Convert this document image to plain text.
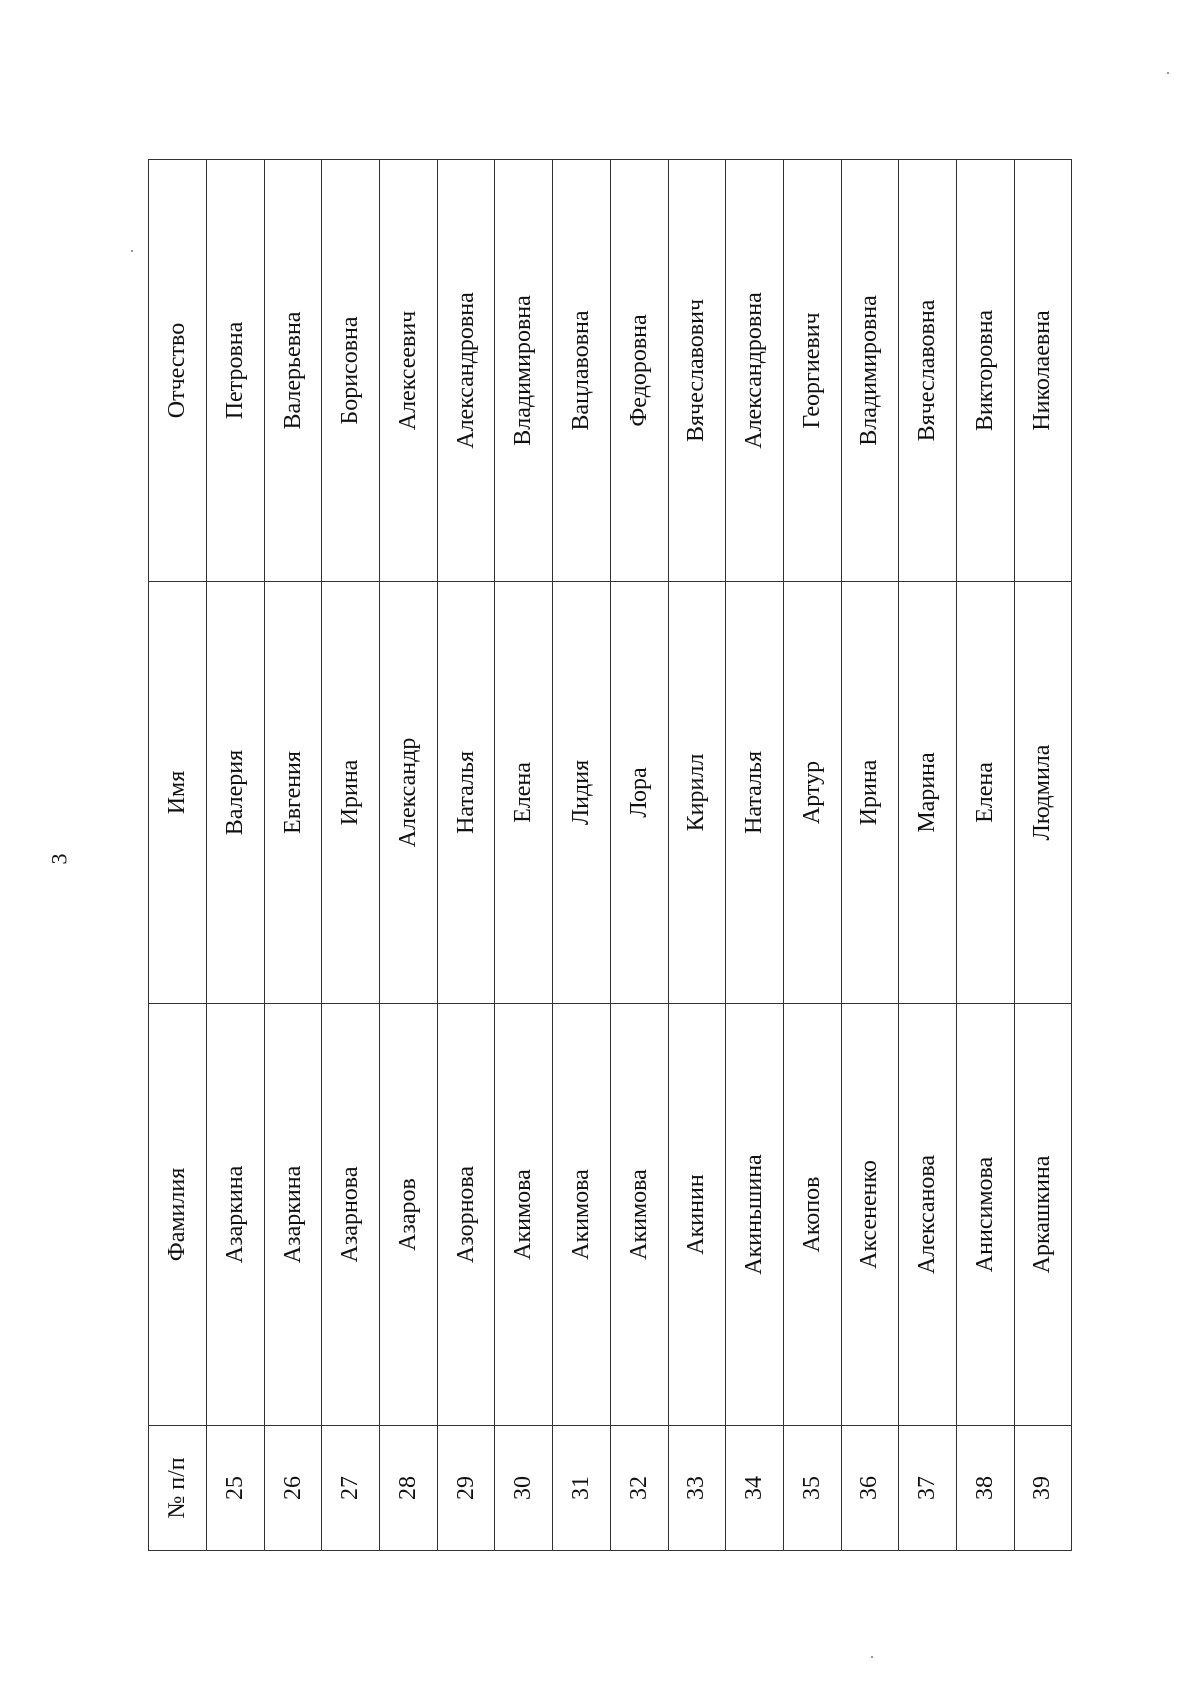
3
№ п/п	Фамилия	Имя	Отчество
25	Азаркина	Валерия	Петровна
26	Азаркина	Евгения	Валерьевна
27	Азарнова	Ирина	Борисовна
28	Азаров	Александр	Алексеевич
29	Азорнова	Наталья	Александровна
30	Акимова	Елена	Владимировна
31	Акимова	Лидия	Вацлавовна
32	Акимова	Лора	Федоровна
33	Акинин	Кирилл	Вячеславович
34	Акиньшина	Наталья	Александровна
35	Акопов	Артур	Георгиевич
36	Аксененко	Ирина	Владимировна
37	Алексанова	Марина	Вячеславовна
38	Анисимова	Елена	Викторовна
39	Аркашкина	Людмила	Николаевна
